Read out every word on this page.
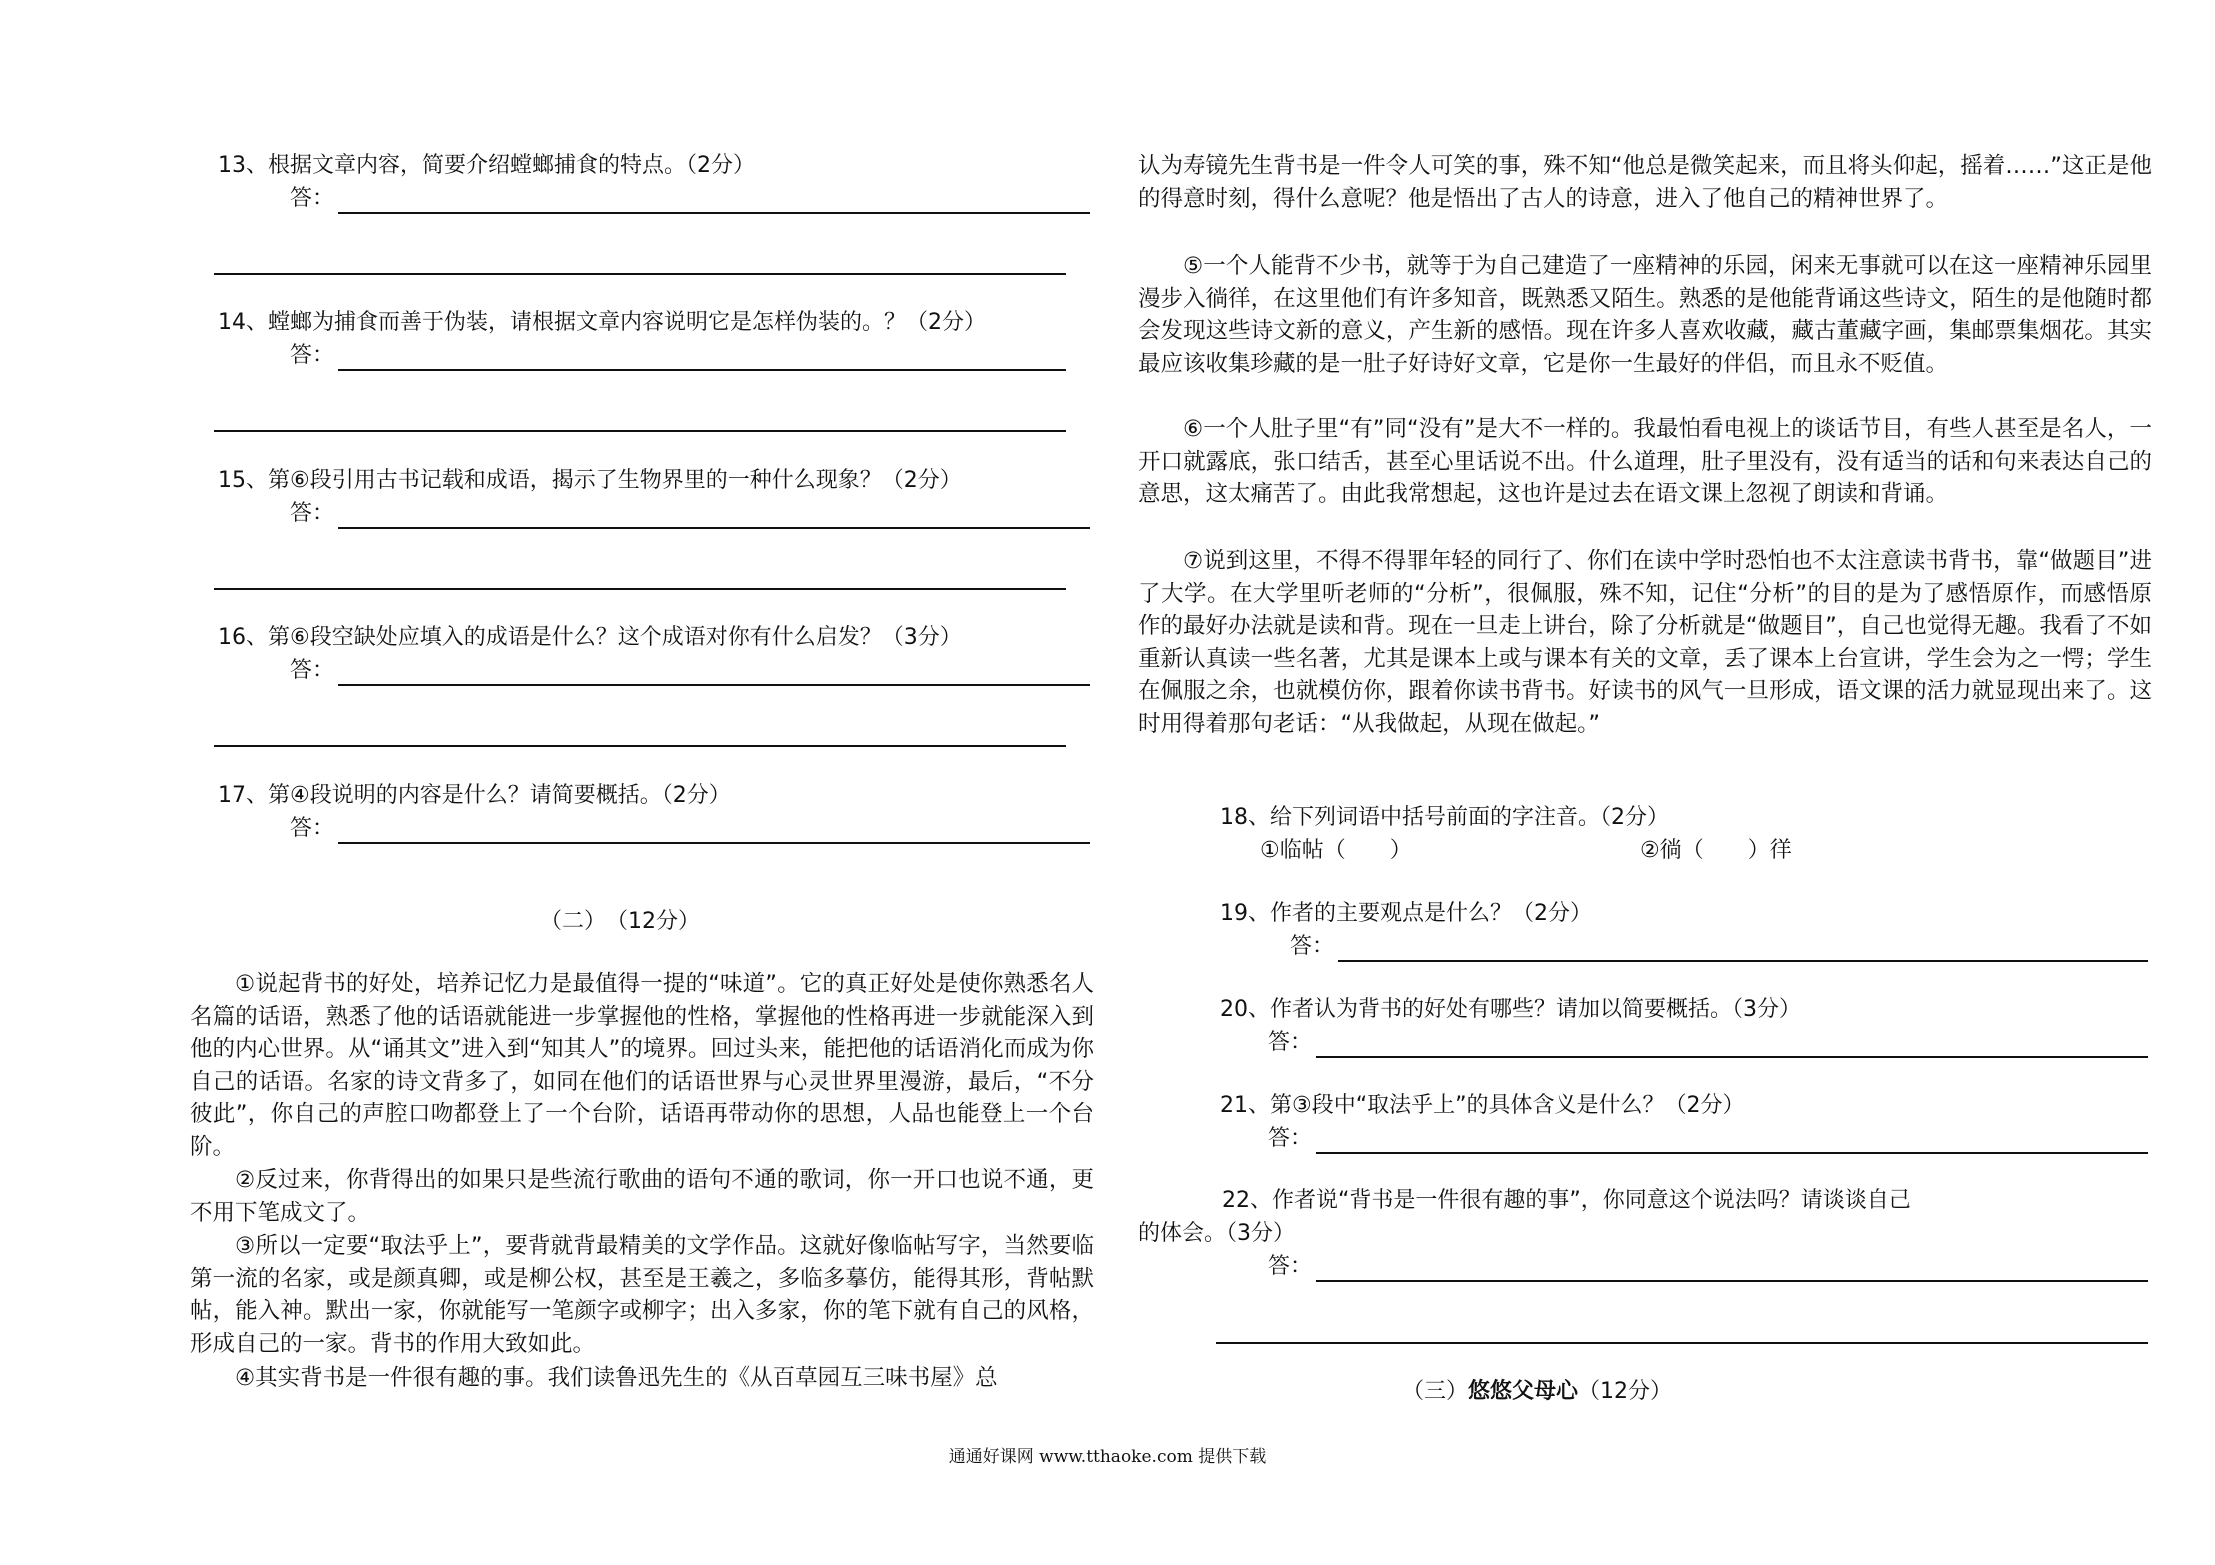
13、根据文章内容，简要介绍螳螂捕食的特点。（2分）
答：
14、螳螂为捕食而善于伪装，请根据文章内容说明它是怎样伪装的。？（2分）
答：
15、第⑥段引用古书记载和成语，揭示了生物界里的一种什么现象？（2分）
答：
16、第⑥段空缺处应填入的成语是什么？这个成语对你有什么启发？（3分）
答：
17、第④段说明的内容是什么？请简要概括。（2分）
答：
（二）　（12分）

①说起背书的好处，培养记忆力是最值得一提的“味道”。它的真正好处是使你熟悉名人名篇的话语，熟悉了他的话语就能进一步掌握他的性格，掌握他的性格再进一步就能深入到他的内心世界。从“诵其文”进入到“知其人”的境界。回过头来，能把他的话语消化而成为你自己的话语。名家的诗文背多了，如同在他们的话语世界与心灵世界里漫游，最后，“不分彼此”，你自己的声腔口吻都登上了一个台阶，话语再带动你的思想，人品也能登上一个台阶。

②反过来，你背得出的如果只是些流行歌曲的语句不通的歌词，你一开口也说不通，更不用下笔成文了。

③所以一定要“取法乎上”，要背就背最精美的文学作品。这就好像临帖写字，当然要临第一流的名家，或是颜真卿，或是柳公权，甚至是王羲之，多临多摹仿，能得其形，背帖默帖，能入神。默出一家，你就能写一笔颜字或柳字；出入多家，你的笔下就有自己的风格，形成自己的一家。背书的作用大致如此。

④其实背书是一件很有趣的事。我们读鲁迅先生的《从百草园互三味书屋》总

认为寿镜先生背书是一件令人可笑的事，殊不知“他总是微笑起来，而且将头仰起，摇着……”这正是他的得意时刻，得什么意呢？他是悟出了古人的诗意，进入了他自己的精神世界了。

⑤一个人能背不少书，就等于为自己建造了一座精神的乐园，闲来无事就可以在这一座精神乐园里漫步入徜徉，在这里他们有许多知音，既熟悉又陌生。熟悉的是他能背诵这些诗文，陌生的是他随时都会发现这些诗文新的意义，产生新的感悟。现在许多人喜欢收藏，藏古董藏字画，集邮票集烟花。其实最应该收集珍藏的是一肚子好诗好文章，它是你一生最好的伴侣，而且永不贬值。

⑥一个人肚子里“有”同“没有”是大不一样的。我最怕看电视上的谈话节目，有些人甚至是名人，一开口就露底，张口结舌，甚至心里话说不出。什么道理，肚子里没有，没有适当的话和句来表达自己的意思，这太痛苦了。由此我常想起，这也许是过去在语文课上忽视了朗读和背诵。

⑦说到这里，不得不得罪年轻的同行了、你们在读中学时恐怕也不太注意读书背书，靠“做题目”进了大学。在大学里听老师的“分析”，很佩服，殊不知，记住“分析”的目的是为了感悟原作，而感悟原作的最好办法就是读和背。现在一旦走上讲台，除了分析就是“做题目”，自己也觉得无趣。我看了不如重新认真读一些名著，尤其是课本上或与课本有关的文章，丢了课本上台宣讲，学生会为之一愕；学生在佩服之余，也就模仿你，跟着你读书背书。好读书的风气一旦形成，语文课的活力就显现出来了。这时用得着那句老话：“从我做起，从现在做起。”

18、给下列词语中括号前面的字注音。（2分）
①临帖（　　）	②徜（　　）徉
19、作者的主要观点是什么？（2分）
答：
20、作者认为背书的好处有哪些？请加以简要概括。（3分）
答：
21、第③段中“取法乎上”的具体含义是什么？（2分）
答：
22、作者说“背书是一件很有趣的事”，你同意这个说法吗？请谈谈自己
的体会。（3分）
答：
（三）悠悠父母心（12分）
通通好课网 www.tthaoke.com 提供下载
